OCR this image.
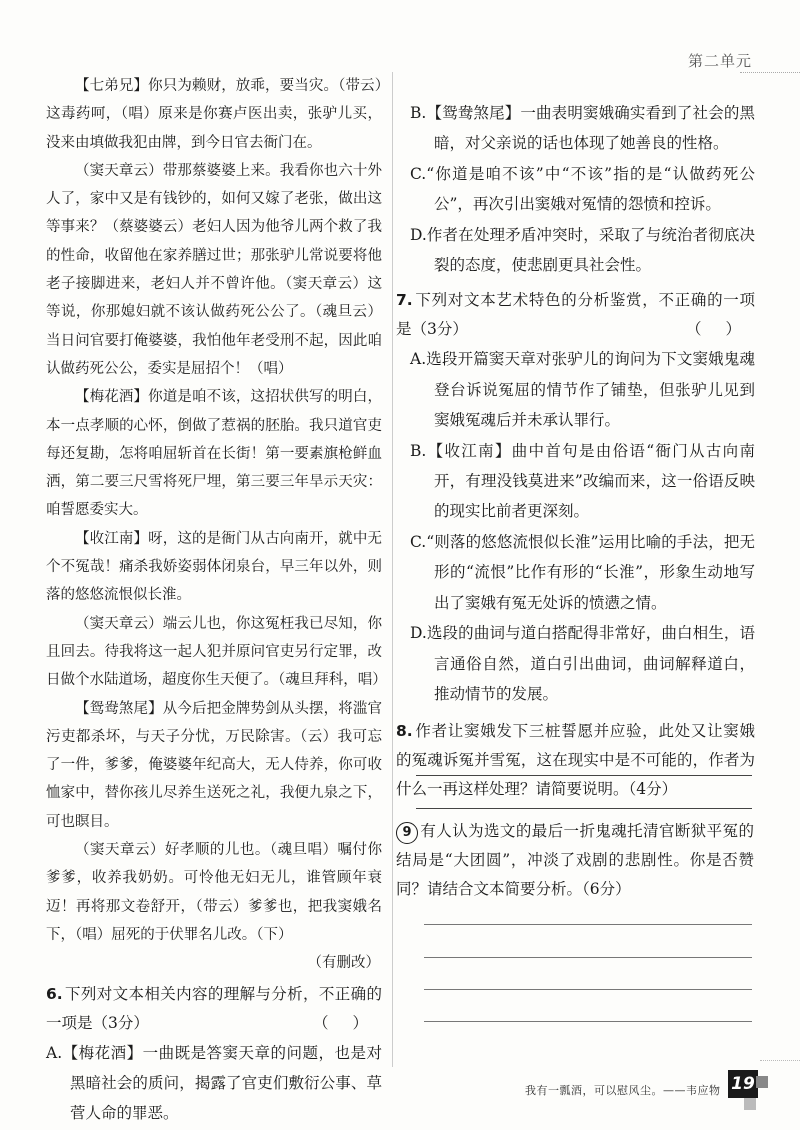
第二单元

【七弟兄】你只为赖财，放乖，要当灾。（带云）这毒药呵，（唱）原来是你赛卢医出卖，张驴儿买，没来由填做我犯由牌，到今日官去衙门在。

（窦天章云）带那蔡婆婆上来。我看你也六十外人了，家中又是有钱钞的，如何又嫁了老张，做出这等事来？（蔡婆婆云）老妇人因为他爷儿两个救了我的性命，收留他在家养膳过世；那张驴儿常说要将他老子接脚进来，老妇人并不曾许他。（窦天章云）这等说，你那媳妇就不该认做药死公公了。（魂旦云）当日问官要打俺婆婆，我怕他年老受刑不起，因此咱认做药死公公，委实是屈招个！（唱）

【梅花酒】你道是咱不该，这招状供写的明白，本一点孝顺的心怀，倒做了惹祸的胚胎。我只道官吏每还复勘，怎将咱屈斩首在长街！第一要素旗枪鲜血洒，第二要三尺雪将死尸埋，第三要三年旱示天灾：咱誓愿委实大。

【收江南】呀，这的是衙门从古向南开，就中无个不冤哉！痛杀我娇姿弱体闭泉台，早三年以外，则落的悠悠流恨似长淮。

（窦天章云）端云儿也，你这冤枉我已尽知，你且回去。待我将这一起人犯并原问官吏另行定罪，改日做个水陆道场，超度你生天便了。（魂旦拜科，唱）

【鸳鸯煞尾】从今后把金牌势剑从头摆，将滥官污吏都杀坏，与天子分忧，万民除害。（云）我可忘了一件，爹爹，俺婆婆年纪高大，无人侍养，你可收恤家中，替你孩儿尽养生送死之礼，我便九泉之下，可也瞑目。

（窦天章云）好孝顺的儿也。（魂旦唱）嘱付你爹爹，收养我奶奶。可怜他无妇无儿，谁管顾年衰迈！再将那文卷舒开，（带云）爹爹也，把我窦娥名下，（唱）屈死的于伏罪名儿改。（下）

（有删改）
6. 下列对文本相关内容的理解与分析，不正确的一项是（3分）	（）
A.【梅花酒】一曲既是答窦天章的问题，也是对黑暗社会的质问，揭露了官吏们敷衍公事、草菅人命的罪恶。
B.【鸳鸯煞尾】一曲表明窦娥确实看到了社会的黑暗，对父亲说的话也体现了她善良的性格。
C.“你道是咱不该”中“不该”指的是“认做药死公公”，再次引出窦娥对冤情的怨愤和控诉。
D.作者在处理矛盾冲突时，采取了与统治者彻底决裂的态度，使悲剧更具社会性。
7. 下列对文本艺术特色的分析鉴赏，不正确的一项是（3分）	（）
A.选段开篇窦天章对张驴儿的询问为下文窦娥鬼魂登台诉说冤屈的情节作了铺垫，但张驴儿见到窦娥冤魂后并未承认罪行。
B.【收江南】曲中首句是由俗语“衙门从古向南开，有理没钱莫进来”改编而来，这一俗语反映的现实比前者更深刻。
C.“则落的悠悠流恨似长淮”运用比喻的手法，把无形的“流恨”比作有形的“长淮”，形象生动地写出了窦娥有冤无处诉的愤懑之情。
D.选段的曲词与道白搭配得非常好，曲白相生，语言通俗自然，道白引出曲词，曲词解释道白，推动情节的发展。
8. 作者让窦娥发下三桩誓愿并应验，此处又让窦娥的冤魂诉冤并雪冤，这在现实中是不可能的，作者为什么一再这样处理？请简要说明。（4分）
9 有人认为选文的最后一折鬼魂托清官断狱平冤的结局是“大团圆”，冲淡了戏剧的悲剧性。你是否赞同？请结合文本简要分析。（6分）
我有一瓢酒，可以慰风尘。——韦应物 19
